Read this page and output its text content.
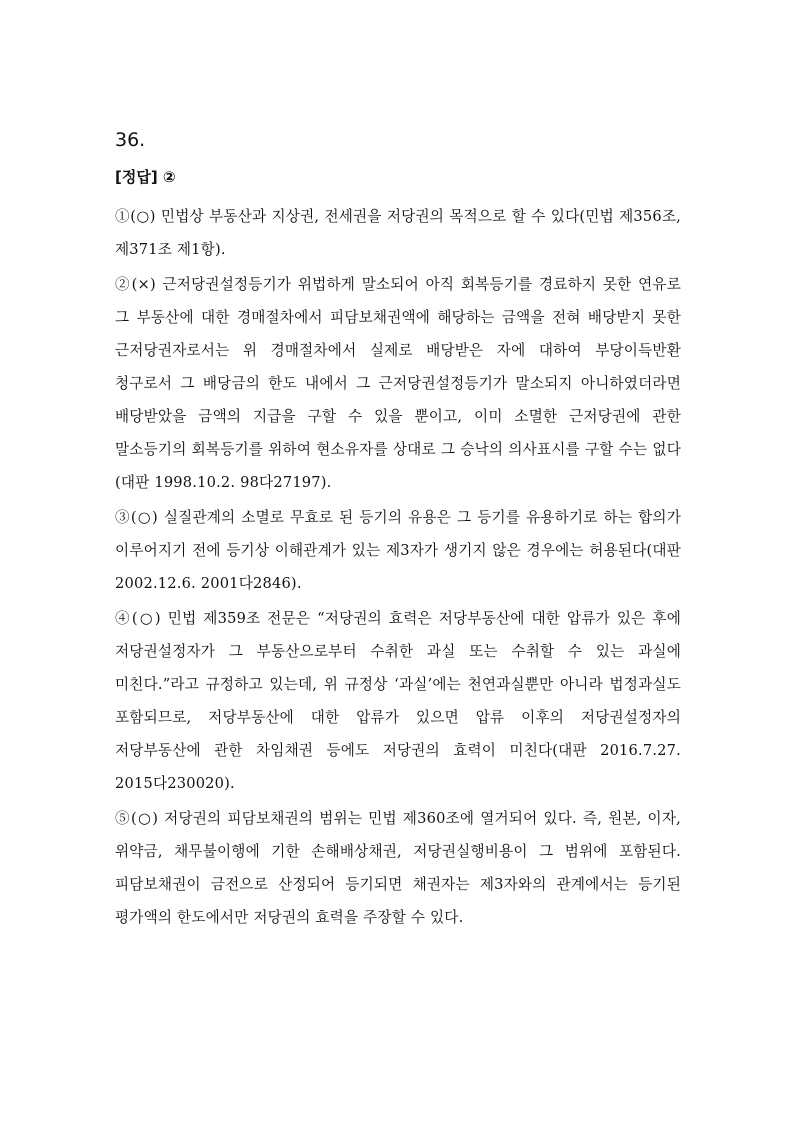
36.

[정답] ②

①(○) 민법상 부동산과 지상권, 전세권을 저당권의 목적으로 할 수 있다(민법 제356조, 제371조 제1항).

②(×) 근저당권설정등기가 위법하게 말소되어 아직 회복등기를 경료하지 못한 연유로 그 부동산에 대한 경매절차에서 피담보채권액에 해당하는 금액을 전혀 배당받지 못한 근저당권자로서는 위 경매절차에서 실제로 배당받은 자에 대하여 부당이득반환 청구로서 그 배당금의 한도 내에서 그 근저당권설정등기가 말소되지 아니하였더라면 배당받았을 금액의 지급을 구할 수 있을 뿐이고, 이미 소멸한 근저당권에 관한 말소등기의 회복등기를 위하여 현소유자를 상대로 그 승낙의 의사표시를 구할 수는 없다(대판 1998.10.2. 98다27197).

③(○) 실질관계의 소멸로 무효로 된 등기의 유용은 그 등기를 유용하기로 하는 합의가 이루어지기 전에 등기상 이해관계가 있는 제3자가 생기지 않은 경우에는 허용된다(대판 2002.12.6. 2001다2846).

④(○) 민법 제359조 전문은 “저당권의 효력은 저당부동산에 대한 압류가 있은 후에 저당권설정자가 그 부동산으로부터 수취한 과실 또는 수취할 수 있는 과실에 미친다.”라고 규정하고 있는데, 위 규정상 ‘과실’에는 천연과실뿐만 아니라 법정과실도 포함되므로, 저당부동산에 대한 압류가 있으면 압류 이후의 저당권설정자의 저당부동산에 관한 차임채권 등에도 저당권의 효력이 미친다(대판 2016.7.27. 2015다230020).

⑤(○) 저당권의 피담보채권의 범위는 민법 제360조에 열거되어 있다. 즉, 원본, 이자, 위약금, 채무불이행에 기한 손해배상채권, 저당권실행비용이 그 범위에 포함된다. 피담보채권이 금전으로 산정되어 등기되면 채권자는 제3자와의 관계에서는 등기된 평가액의 한도에서만 저당권의 효력을 주장할 수 있다.
